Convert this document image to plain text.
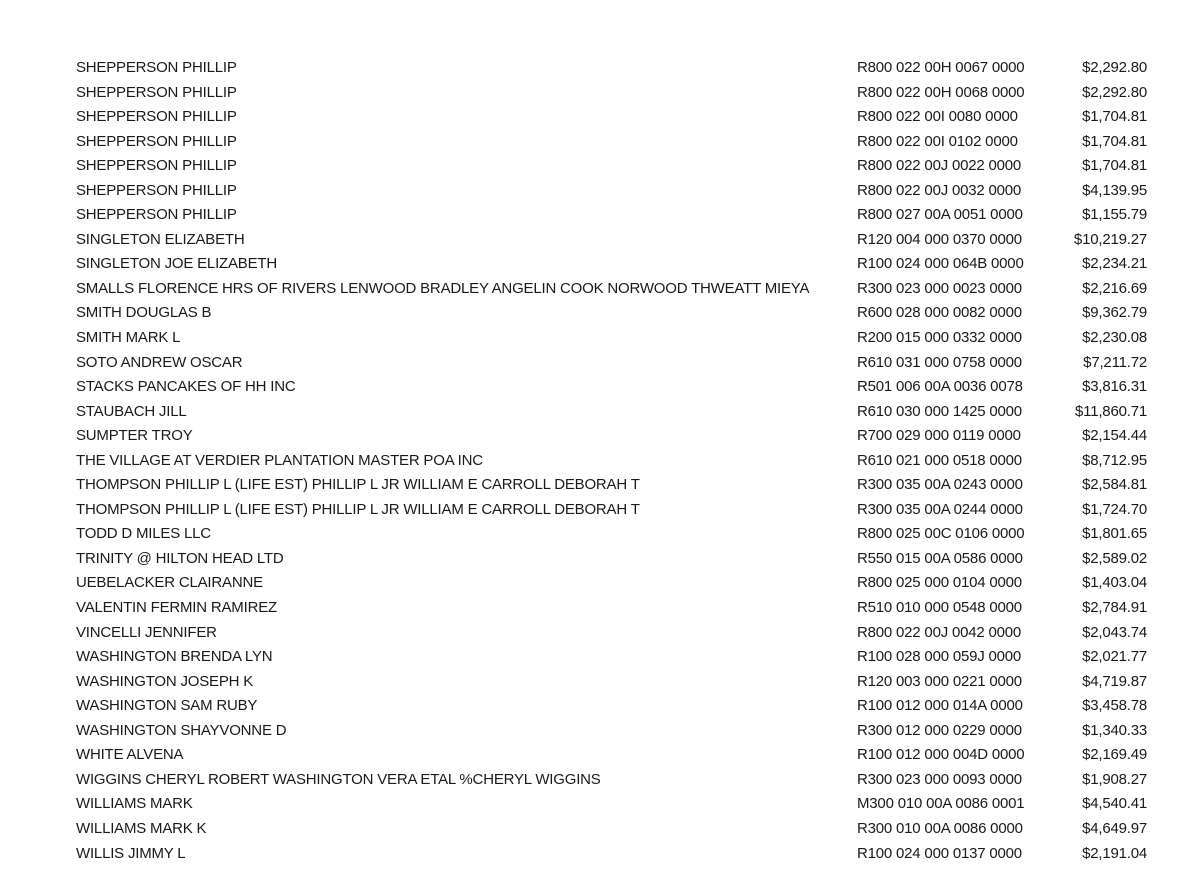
SHEPPERSON PHILLIP	R800 022 00H 0067 0000	$2,292.80
SHEPPERSON PHILLIP	R800 022 00H 0068 0000	$2,292.80
SHEPPERSON PHILLIP	R800 022 00I 0080 0000	$1,704.81
SHEPPERSON PHILLIP	R800 022 00I 0102 0000	$1,704.81
SHEPPERSON PHILLIP	R800 022 00J 0022 0000	$1,704.81
SHEPPERSON PHILLIP	R800 022 00J 0032 0000	$4,139.95
SHEPPERSON PHILLIP	R800 027 00A 0051 0000	$1,155.79
SINGLETON ELIZABETH	R120 004 000 0370 0000	$10,219.27
SINGLETON JOE ELIZABETH	R100 024 000 064B 0000	$2,234.21
SMALLS FLORENCE HRS OF RIVERS LENWOOD BRADLEY ANGELIN COOK NORWOOD THWEATT MIEYA	R300 023 000 0023 0000	$2,216.69
SMITH DOUGLAS B	R600 028 000 0082 0000	$9,362.79
SMITH MARK L	R200 015 000 0332 0000	$2,230.08
SOTO ANDREW OSCAR	R610 031 000 0758 0000	$7,211.72
STACKS PANCAKES OF HH INC	R501 006 00A 0036 0078	$3,816.31
STAUBACH JILL	R610 030 000 1425 0000	$11,860.71
SUMPTER TROY	R700 029 000 0119 0000	$2,154.44
THE VILLAGE AT VERDIER PLANTATION MASTER POA INC	R610 021 000 0518 0000	$8,712.95
THOMPSON PHILLIP L (LIFE EST) PHILLIP L JR WILLIAM E CARROLL DEBORAH T	R300 035 00A 0243 0000	$2,584.81
THOMPSON PHILLIP L (LIFE EST) PHILLIP L JR WILLIAM E CARROLL DEBORAH T	R300 035 00A 0244 0000	$1,724.70
TODD D MILES LLC	R800 025 00C 0106 0000	$1,801.65
TRINITY @ HILTON HEAD LTD	R550 015 00A 0586 0000	$2,589.02
UEBELACKER CLAIRANNE	R800 025 000 0104 0000	$1,403.04
VALENTIN FERMIN RAMIREZ	R510 010 000 0548 0000	$2,784.91
VINCELLI JENNIFER	R800 022 00J 0042 0000	$2,043.74
WASHINGTON BRENDA LYN	R100 028 000 059J 0000	$2,021.77
WASHINGTON JOSEPH K	R120 003 000 0221 0000	$4,719.87
WASHINGTON SAM RUBY	R100 012 000 014A 0000	$3,458.78
WASHINGTON SHAYVONNE D	R300 012 000 0229 0000	$1,340.33
WHITE ALVENA	R100 012 000 004D 0000	$2,169.49
WIGGINS CHERYL ROBERT WASHINGTON VERA ETAL %CHERYL WIGGINS	R300 023 000 0093 0000	$1,908.27
WILLIAMS MARK	M300 010 00A 0086 0001	$4,540.41
WILLIAMS MARK K	R300 010 00A 0086 0000	$4,649.97
WILLIS JIMMY L	R100 024 000 0137 0000	$2,191.04
